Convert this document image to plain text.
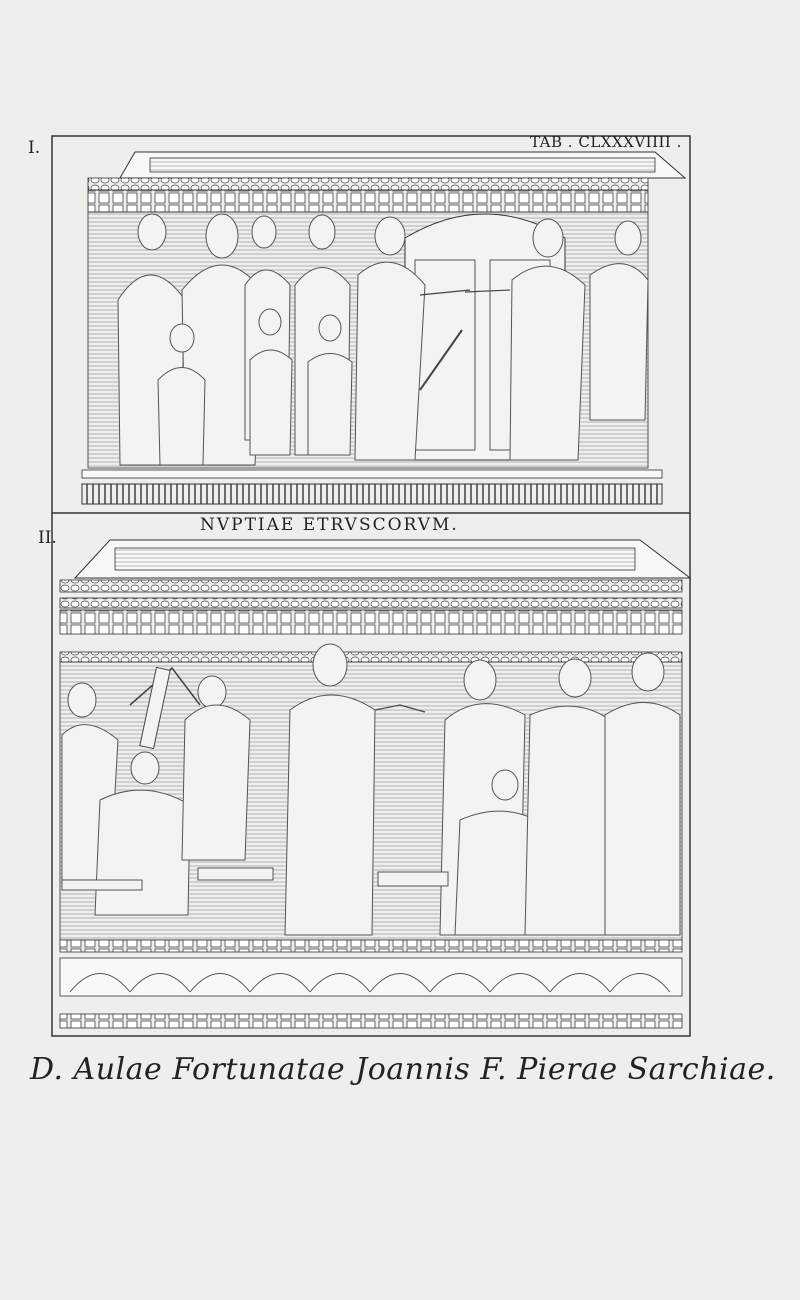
I.	TAB . CLXXXVIIII .
II.
NVPTIAE ETRVSCORVM.
D. Aulae Fortunatae Joannis F. Pierae Sarchiae.
